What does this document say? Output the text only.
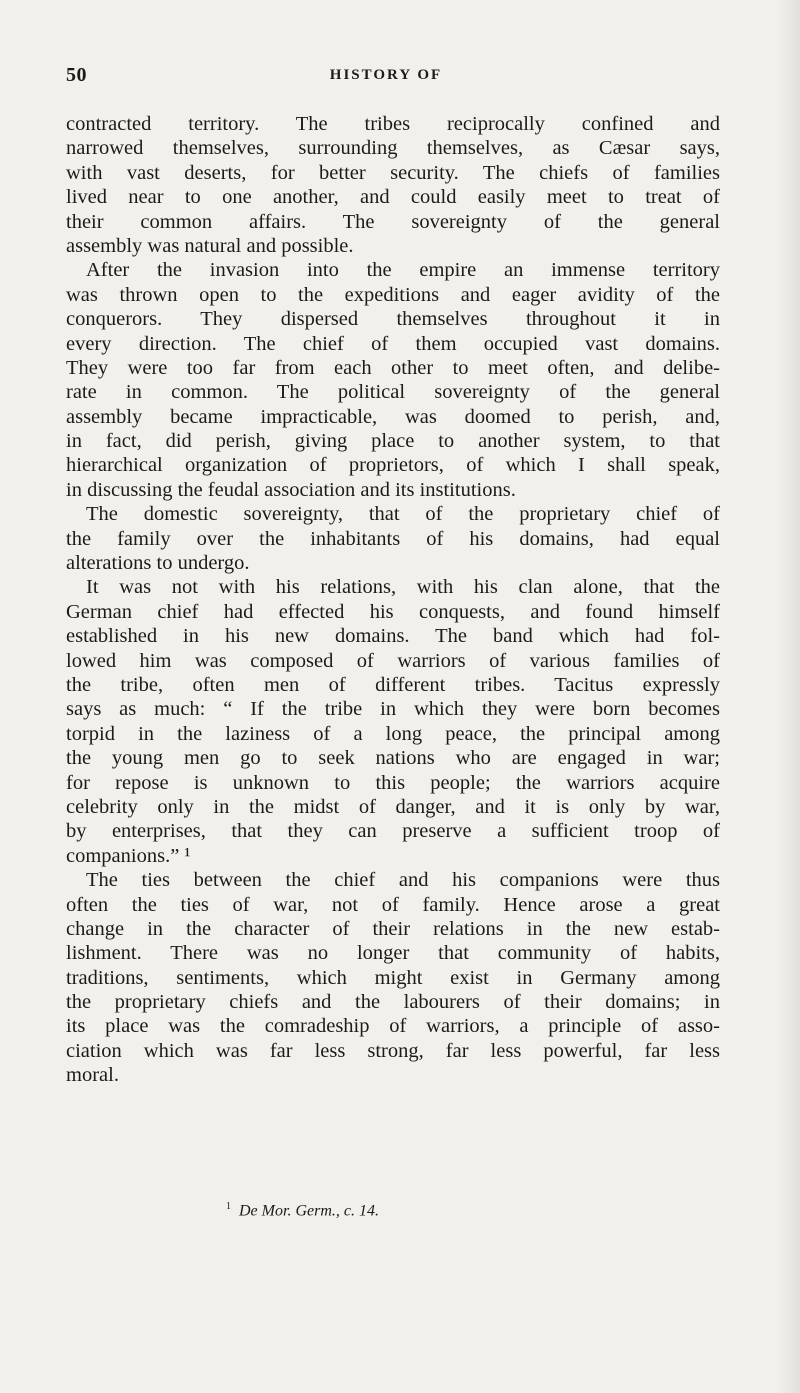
50	HISTORY OF
contracted territory. The tribes reciprocally confined and
narrowed themselves, surrounding themselves, as Cæsar says,
with vast deserts, for better security. The chiefs of families
lived near to one another, and could easily meet to treat of
their common affairs. The sovereignty of the general
assembly was natural and possible.
After the invasion into the empire an immense territory
was thrown open to the expeditions and eager avidity of the
conquerors. They dispersed themselves throughout it in
every direction. The chief of them occupied vast domains.
They were too far from each other to meet often, and delibe-
rate in common. The political sovereignty of the general
assembly became impracticable, was doomed to perish, and,
in fact, did perish, giving place to another system, to that
hierarchical organization of proprietors, of which I shall speak,
in discussing the feudal association and its institutions.
The domestic sovereignty, that of the proprietary chief of
the family over the inhabitants of his domains, had equal
alterations to undergo.
It was not with his relations, with his clan alone, that the
German chief had effected his conquests, and found himself
established in his new domains. The band which had fol-
lowed him was composed of warriors of various families of
the tribe, often men of different tribes. Tacitus expressly
says as much: “ If the tribe in which they were born becomes
torpid in the laziness of a long peace, the principal among
the young men go to seek nations who are engaged in war;
for repose is unknown to this people; the warriors acquire
celebrity only in the midst of danger, and it is only by war,
by enterprises, that they can preserve a sufficient troop of
companions.” ¹
The ties between the chief and his companions were thus
often the ties of war, not of family. Hence arose a great
change in the character of their relations in the new estab-
lishment. There was no longer that community of habits,
traditions, sentiments, which might exist in Germany among
the proprietary chiefs and the labourers of their domains; in
its place was the comradeship of warriors, a principle of asso-
ciation which was far less strong, far less powerful, far less
moral.
$^1$ De Mor. Germ., c. 14.
